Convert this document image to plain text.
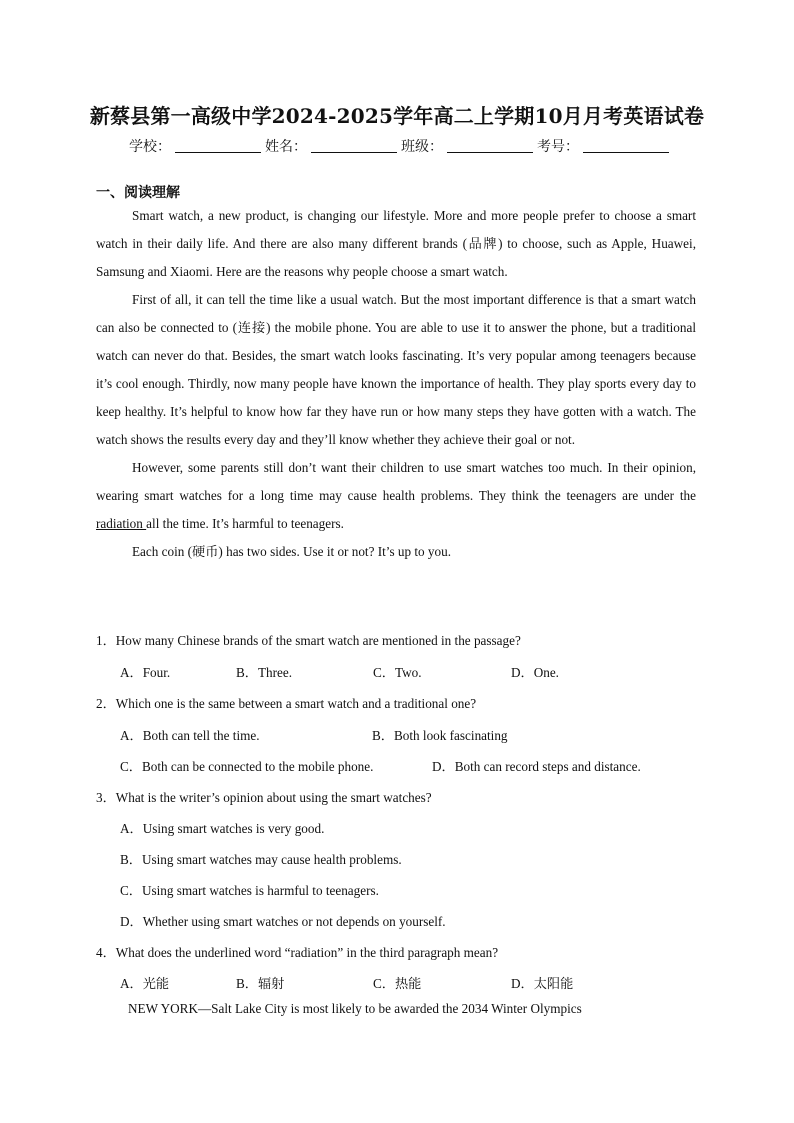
新蔡县第一高级中学2024-2025学年高二上学期10月月考英语试卷
学校：	姓名：	班级：	考号：
一、阅读理解

Smart watch, a new product, is changing our lifestyle. More and more people prefer to choose a smart watch in their daily life. And there are also many different brands (品牌) to choose, such as Apple, Huawei, Samsung and Xiaomi. Here are the reasons why people choose a smart watch.

First of all, it can tell the time like a usual watch. But the most important difference is that a smart watch can also be connected to (连接) the mobile phone. You are able to use it to answer the phone, but a traditional watch can never do that. Besides, the smart watch looks fascinating. It’s very popular among teenagers because it’s cool enough. Thirdly, now many people have known the importance of health. They play sports every day to keep healthy. It’s helpful to know how far they have run or how many steps they have gotten with a watch. The watch shows the results every day and they’ll know whether they achieve their goal or not.

However, some parents still don’t want their children to use smart watches too much. In their opinion, wearing smart watches for a long time may cause health problems. They think the teenagers are under the radiation all the time. It’s harmful to teenagers.

Each coin (硬币) has two sides. Use it or not? It’s up to you.

1．How many Chinese brands of the smart watch are mentioned in the passage?
A．Four.	B．Three.	C．Two.	D．One.
2．Which one is the same between a smart watch and a traditional one?
A．Both can tell the time.	B．Both look fascinating
C．Both can be connected to the mobile phone.	D．Both can record steps and distance.
3．What is the writer’s opinion about using the smart watches?
A．Using smart watches is very good.
B．Using smart watches may cause health problems.
C．Using smart watches is harmful to teenagers.
D．Whether using smart watches or not depends on yourself.
4．What does the underlined word “radiation” in the third paragraph mean?
A．光能	B．辐射	C．热能	D．太阳能
NEW YORK—Salt Lake City is most likely to be awarded the 2034 Winter Olympics
